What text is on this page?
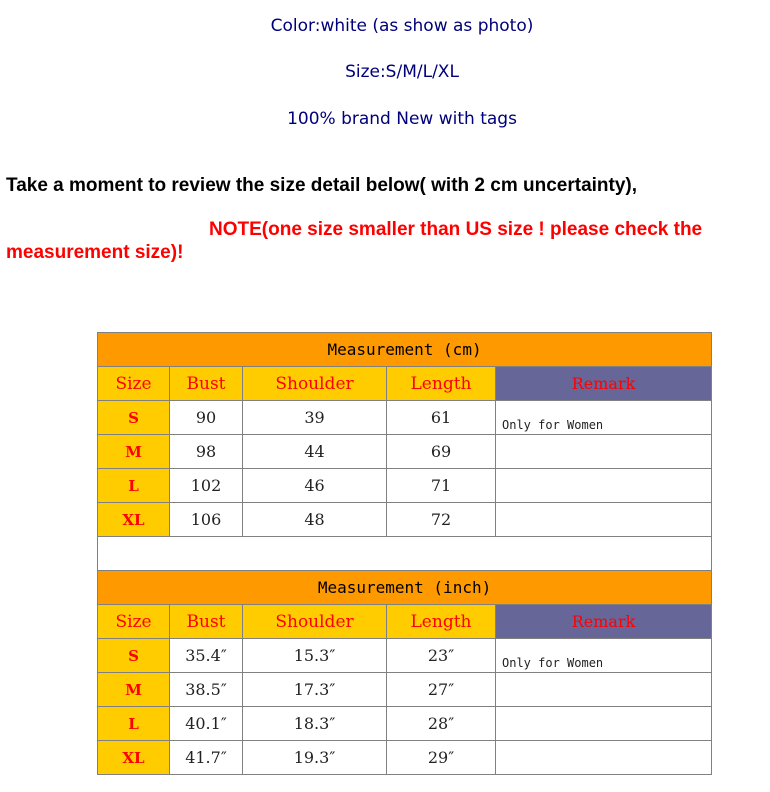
Color:white (as show as photo)
Size:S/M/L/XL
100% brand New with tags
Take a moment to review the size detail below( with 2 cm uncertainty),
NOTE(one size smaller than US size ! please check the
measurement size)!
Measurement (cm)				
Size	Bust	Shoulder	Length	Remark
S	90	39	61	Only for Women
M	98	44	69	
L	102	46	71	
XL	106	48	72	

Measurement (inch)				
Size	Bust	Shoulder	Length	Remark
S	35.4″	15.3″	23″	Only for Women
M	38.5″	17.3″	27″	
L	40.1″	18.3″	28″	
XL	41.7″	19.3″	29″	
